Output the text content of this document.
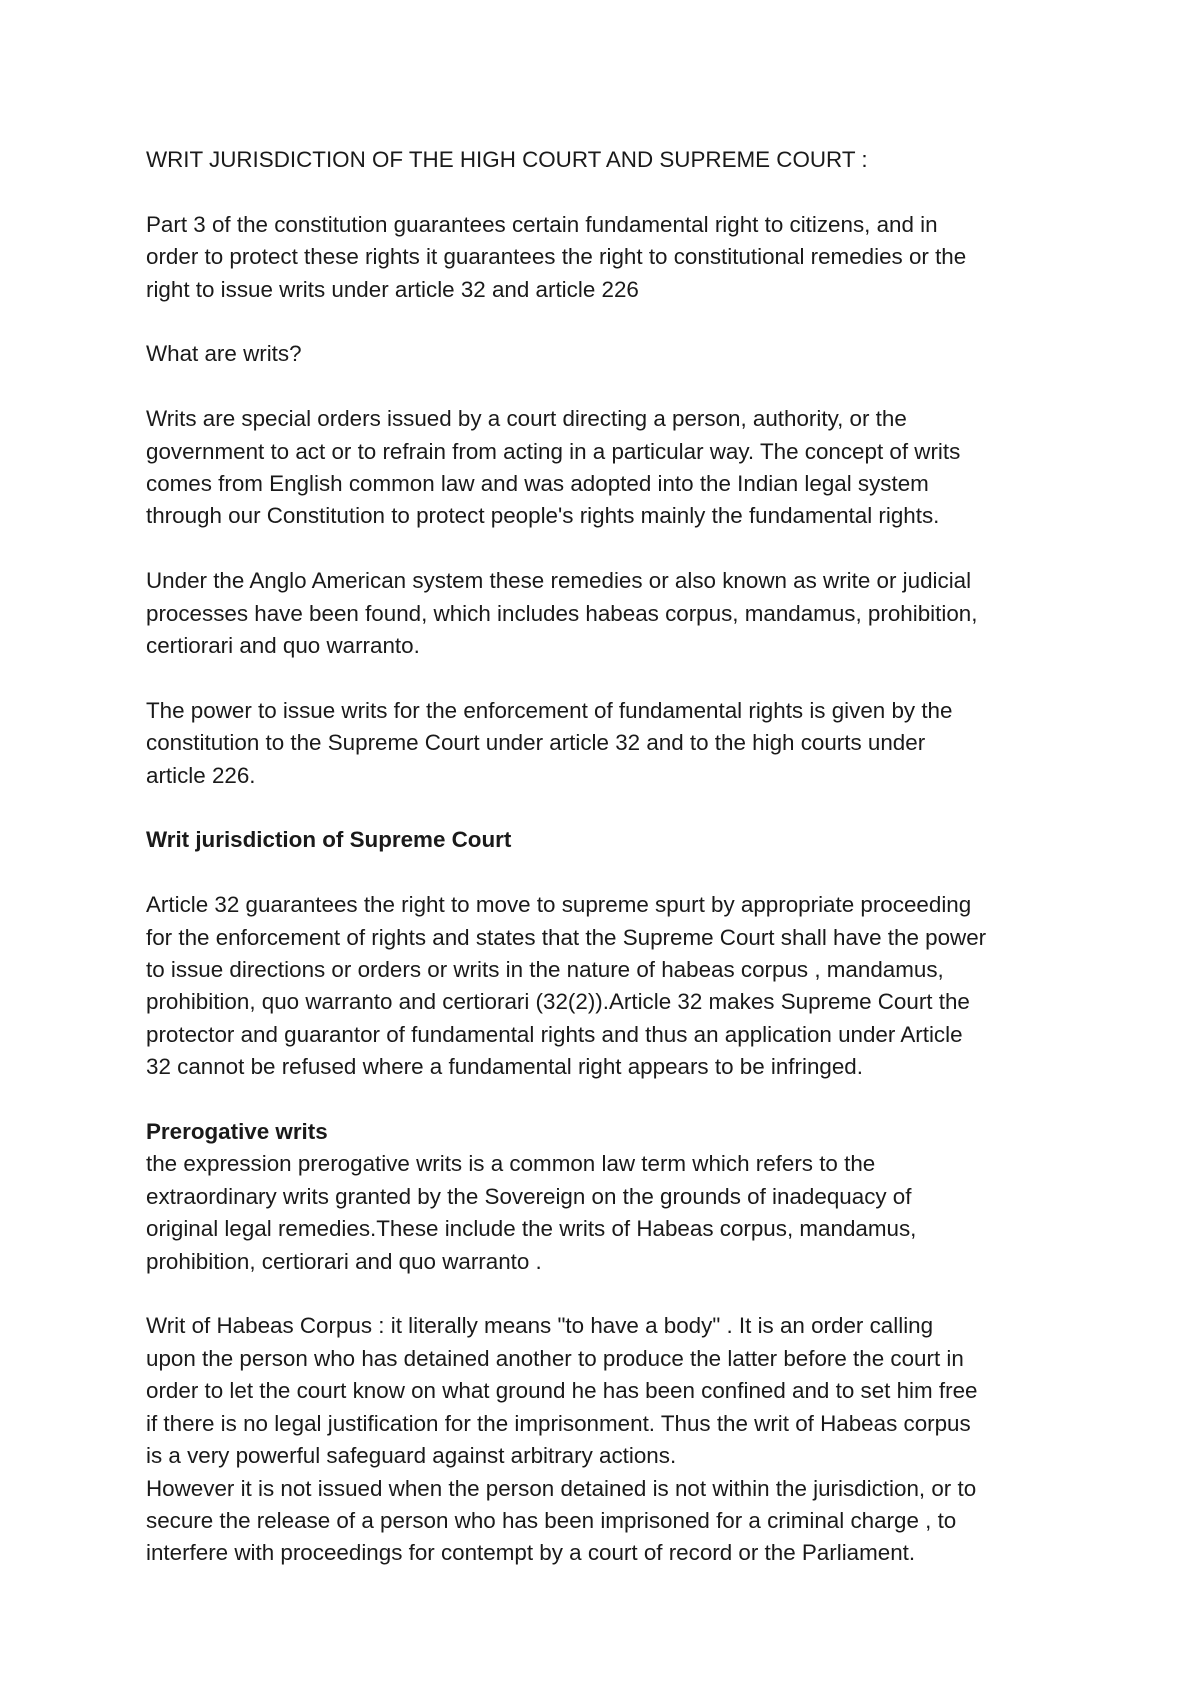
WRIT JURISDICTION OF THE HIGH COURT AND SUPREME COURT :

Part 3 of the constitution guarantees certain fundamental right to citizens, and in
order to protect these rights it guarantees the right to constitutional remedies or the
right to issue writs under article 32 and article 226

What are writs?

Writs are special orders issued by a court directing a person, authority, or the
government to act or to refrain from acting in a particular way. The concept of writs
comes from English common law and was adopted into the Indian legal system
through our Constitution to protect people's rights mainly the fundamental rights.

Under the Anglo American system these remedies or also known as write or judicial
processes have been found, which includes habeas corpus, mandamus, prohibition,
certiorari and quo warranto.

The power to issue writs for the enforcement of fundamental rights is given by the
constitution to the Supreme Court under article 32 and to the high courts under
article 226.

Writ jurisdiction of Supreme Court

Article 32 guarantees the right to move to supreme spurt by appropriate proceeding
for the enforcement of rights and states that the Supreme Court shall have the power
to issue directions or orders or writs in the nature of habeas corpus , mandamus,
prohibition, quo warranto and certiorari (32(2)).Article 32 makes Supreme Court the
protector and guarantor of fundamental rights and thus an application under Article
32 cannot be refused where a fundamental right appears to be infringed.

Prerogative writs

the expression prerogative writs is a common law term which refers to the
extraordinary writs granted by the Sovereign on the grounds of inadequacy of
original legal remedies.These include the writs of Habeas corpus, mandamus,
prohibition, certiorari and quo warranto .

Writ of Habeas Corpus : it literally means "to have a body" . It is an order calling
upon the person who has detained another to produce the latter before the court in
order to let the court know on what ground he has been confined and to set him free
if there is no legal justification for the imprisonment. Thus the writ of Habeas corpus
is a very powerful safeguard against arbitrary actions.

However it is not issued when the person detained is not within the jurisdiction, or to
secure the release of a person who has been imprisoned for a criminal charge , to
interfere with proceedings for contempt by a court of record or the Parliament.
